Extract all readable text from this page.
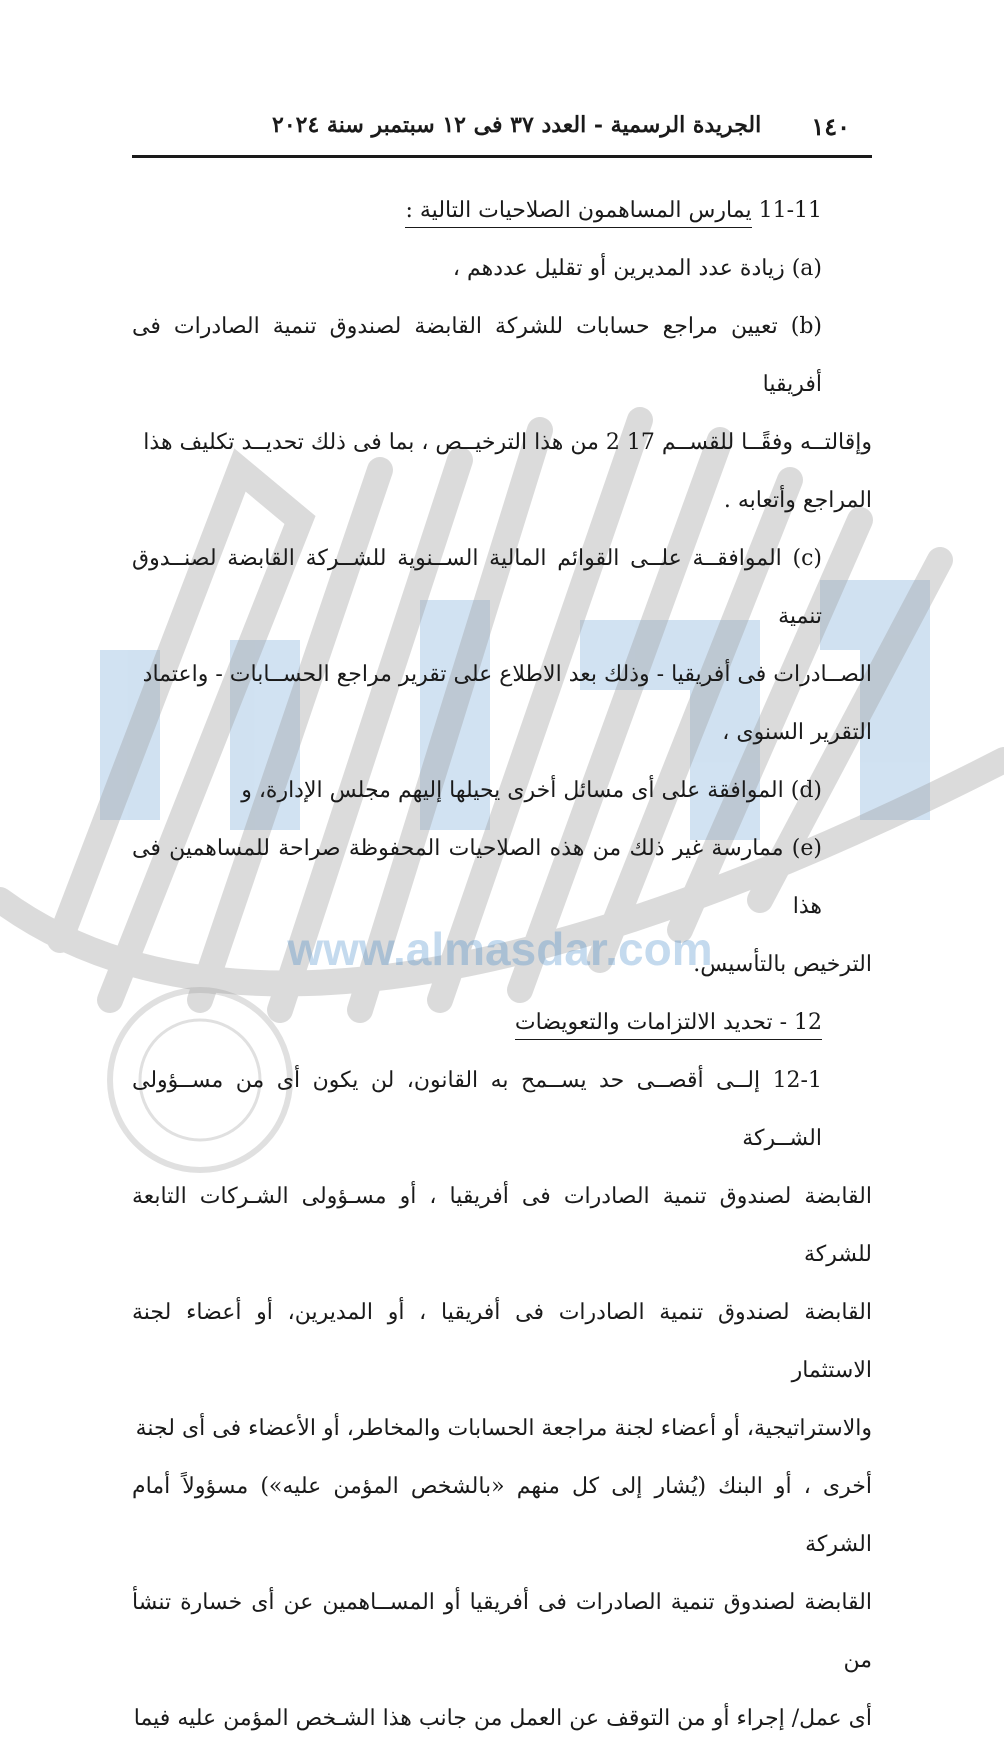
www.almasdar.com
١٤٠
الجريدة الرسمية - العدد ٣٧ فى ١٢ سبتمبر سنة ٢٠٢٤

11-11 يمارس المساهمون الصلاحيات التالية :

(a) زيادة عدد المديرين أو تقليل عددهم ،

(b) تعيين مراجع حسابات للشركة القابضة لصندوق تنمية الصادرات فى أفريقيا

وإقالتــه وفقًــا للقســم 17 2 من هذا الترخيــص ، بما فى ذلك تحديــد تكليف هذا

المراجع وأتعابه .

(c) الموافقــة علــى القوائم المالية الســنوية للشــركة القابضة لصنــدوق تنمية

الصــادرات فى أفريقيا - وذلك بعد الاطلاع على تقرير مراجع الحســابات - واعتماد

التقرير السنوى ،

(d) الموافقة على أى مسائل أخرى يحيلها إليهم مجلس الإدارة، و

(e) ممارسة غير ذلك من هذه الصلاحيات المحفوظة صراحة للمساهمين فى هذا

الترخيص بالتأسيس.

12 - تحديد الالتزامات والتعويضات

12-1 إلــى أقصــى حد يســمح به القانون، لن يكون أى من مســؤولى الشــركة

القابضة لصندوق تنمية الصادرات فى أفريقيا ، أو مسـؤولى الشـركات التابعة للشركة

القابضة لصندوق تنمية الصادرات فى أفريقيا ، أو المديرين، أو أعضاء لجنة الاستثمار

والاستراتيجية، أو أعضاء لجنة مراجعة الحسابات والمخاطر، أو الأعضاء فى أى لجنة

أخرى ، أو البنك (يُشار إلى كل منهم «بالشخص المؤمن عليه») مسؤولاً أمام الشركة

القابضة لصندوق تنمية الصادرات فى أفريقيا أو المســاهمين عن أى خسارة تنشأ من

أى عمل/ إجراء أو من التوقف عن العمل من جانب هذا الشـخص المؤمن عليه فيما
